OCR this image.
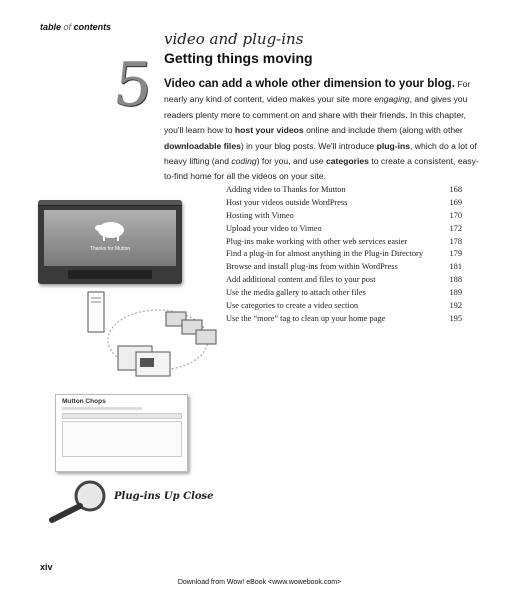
table of contents
5
video and plug-ins
Getting things moving
Video can add a whole other dimension to your blog. For nearly any kind of content, video makes your site more engaging, and gives you readers plenty more to comment on and share with their friends. In this chapter, you'll learn how to host your videos online and include them (along with other downloadable files) in your blog posts. We'll introduce plug-ins, which do a lot of heavy lifting (and coding) for you, and use categories to create a consistent, easy-to-find home for all the videos on your site.
Adding video to Thanks for Mutton	168
Host your videos outside WordPress	169
Hosting with Vimeo	170
Upload your video to Vimeo	172
Plug-ins make working with other web services easier	178
Find a plug-in for almost anything in the Plug-in Directory	179
Browse and install plug-ins from within WordPress	181
Add additional content and files to your post	188
Use the media gallery to attach other files	189
Use categories to create a video section	192
Use the “more” tag to clean up your home page	195
Thanks for Mutton
Mutton Chops
Plug-ins Up Close
xiv
Download from Wow! eBook <www.wowebook.com>
